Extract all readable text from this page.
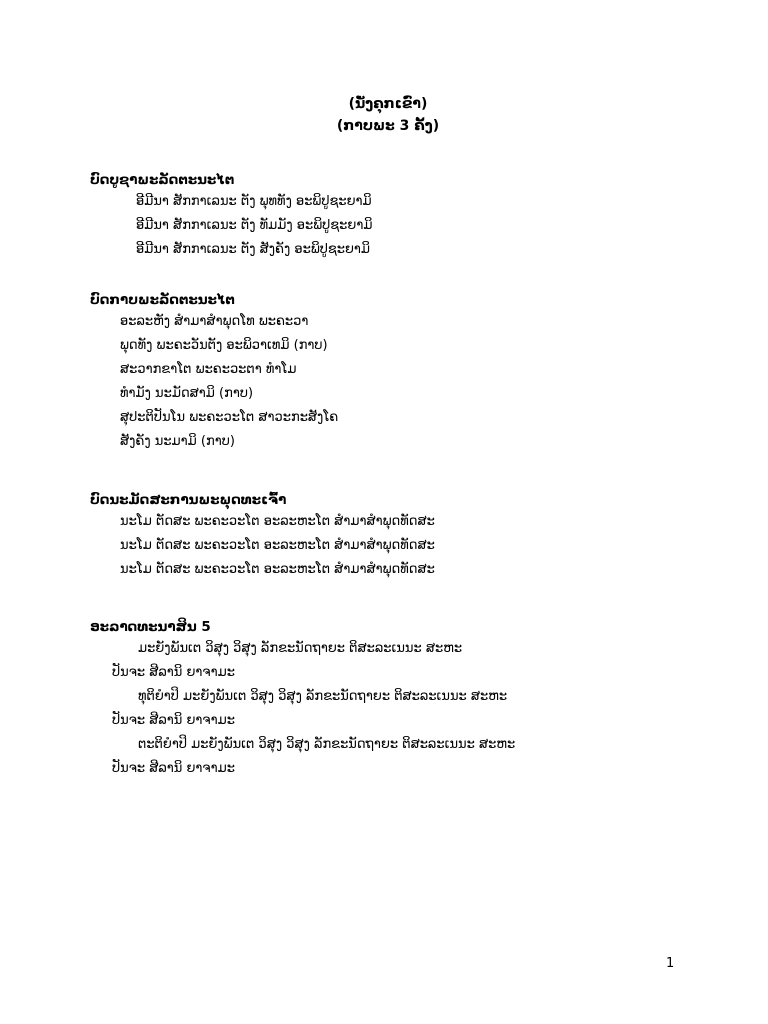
(ນັ່ງຄຸກເຂົ່າ)
(ກາບພະ 3 ຄັ້ງ)
ບົດບູຊາພະລັດຕະນະໄຕ
ອີມີນາ ສັກກາເລນະ ຕັງ ພຸທທັງ ອະພິປູຊະຍາມິ
ອີມີນາ ສັກກາເລນະ ຕັງ ທັມມັງ ອະພິປູຊະຍາມິ
ອີມີນາ ສັກກາເລນະ ຕັງ ສັງຄັງ ອະພິປູຊະຍາມິ
ບົດກາບພະລັດຕະນະໄຕ
ອະລະຫັງ ສຳມາສຳພຸດໂທ ພະຄະວາ
ພຸດທັງ ພະຄະວັນຕັງ ອະພິວາເທມິ (ກາບ)
ສະວາກຂາໂຕ ພະຄະວະຕາ ທຳໂມ
ທຳມັງ ນະມັດສາມິ (ກາບ)
ສຸປະຕິປັນໂນ ພະຄະວະໂຕ ສາວະກະສັງໂຄ
ສັງຄັງ ນະມາມິ (ກາບ)
ບົດນະມັດສະການພະພຸດທະເຈົ້າ
ນະໂມ ຕັດສະ ພະຄະວະໂຕ ອະລະຫະໂຕ ສຳມາສຳພຸດທັດສະ
ນະໂມ ຕັດສະ ພະຄະວະໂຕ ອະລະຫະໂຕ ສຳມາສຳພຸດທັດສະ
ນະໂມ ຕັດສະ ພະຄະວະໂຕ ອະລະຫະໂຕ ສຳມາສຳພຸດທັດສະ
ອະລາດທະນາສິນ 5
ມະຍັງພັນເຕ ວິສຸງ ວິສຸງ ລັກຂະນັດຖາຍະ ຕິສະລະເນນະ ສະຫະ
ປັນຈະ ສີລານິ ຍາຈາມະ
ທຸຕິຍໍາປິ ມະຍັງພັນເຕ ວິສຸງ ວິສຸງ ລັກຂະນັດຖາຍະ ຕິສະລະເນນະ ສະຫະ
ປັນຈະ ສີລານິ ຍາຈາມະ
ຕະຕິຍໍາປິ ມະຍັງພັນເຕ ວິສຸງ ວິສຸງ ລັກຂະນັດຖາຍະ ຕິສະລະເນນະ ສະຫະ
ປັນຈະ ສີລານິ ຍາຈາມະ
1
